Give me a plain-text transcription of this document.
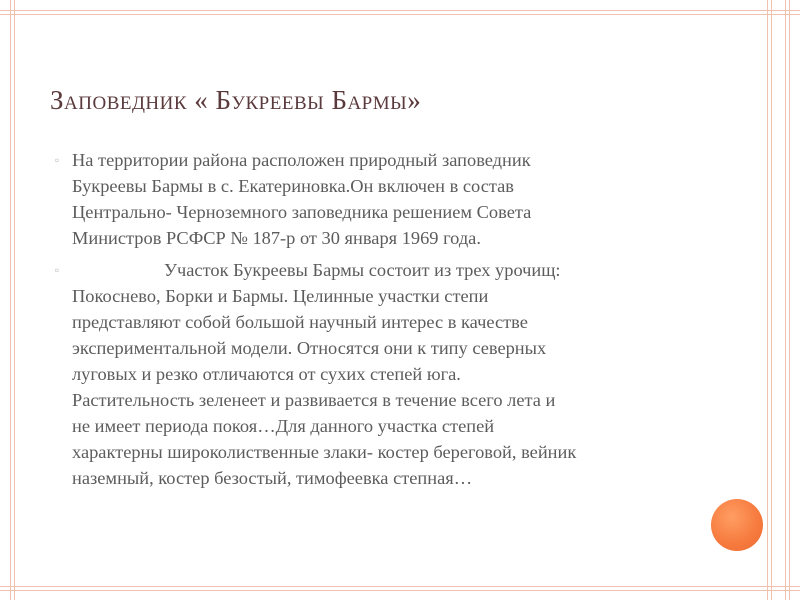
Заповедник « Букреевы Бармы»
▫ На территории района расположен природный заповедник
Букреевы Бармы в с. Екатериновка.Он включен в состав
Центрально- Черноземного заповедника решением Совета
Министров РСФСР № 187-р от 30 января 1969 года.
▫	Участок Букреевы Бармы состоит из трех урочищ:
Покоснево, Борки и Бармы. Целинные участки степи
представляют собой большой научный интерес в качестве
экспериментальной модели. Относятся они к типу северных
луговых и резко отличаются от сухих степей юга.
Растительность зеленеет и развивается в течение всего лета и
не имеет периода покоя…Для данного участка степей
характерны широколиственные злаки- костер береговой, вейник
наземный, костер безостый, тимофеевка степная…
